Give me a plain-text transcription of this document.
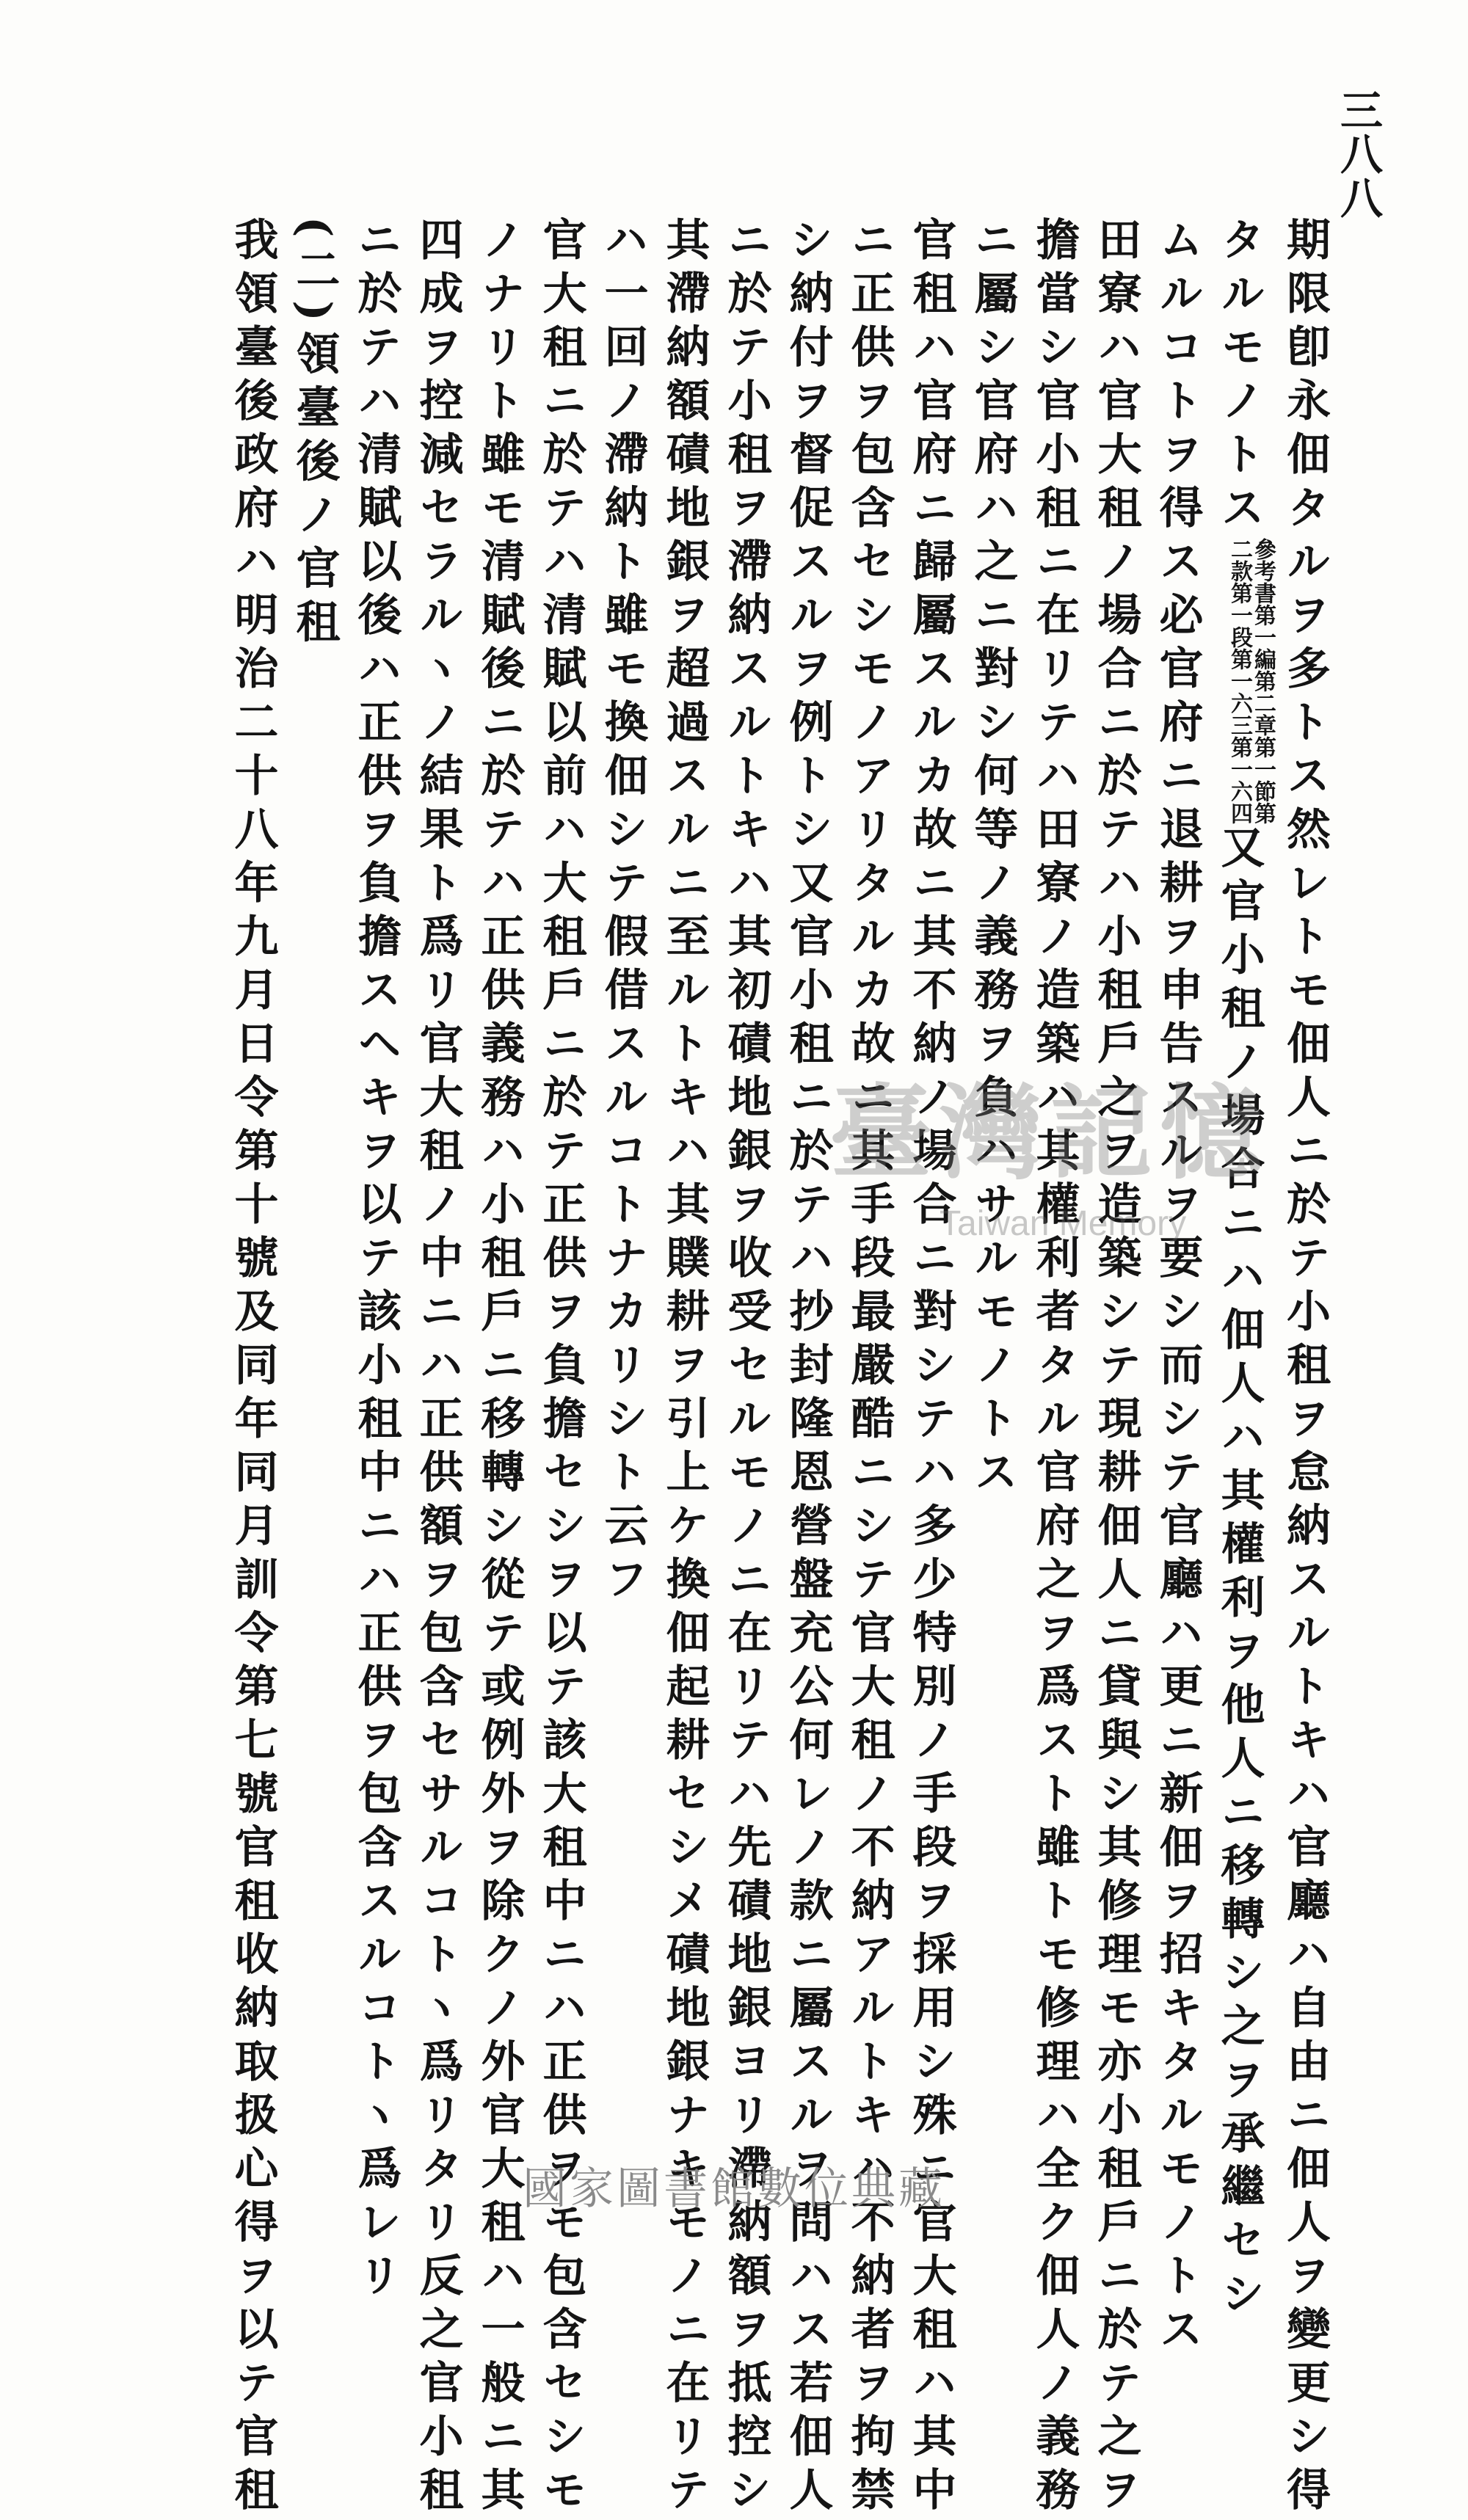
三八八
期限卽永佃タルヲ多トス然レトモ佃人ニ於テ小租ヲ怠納スルトキハ官廳ハ自由ニ佃人ヲ變更シ得
タルモノトス
參考書第一編第二章第一節第
二款第一段第一六三第一六四
又官小租ノ場合ニハ佃人ハ其權利ヲ他人ニ移轉シ之ヲ承繼セシ
ムルコトヲ得ス必官府ニ退耕ヲ申告スルヲ要シ而シテ官廳ハ更ニ新佃ヲ招キタルモノトス
田寮ハ官大租ノ場合ニ於テハ小租戶之ヲ造築シテ現耕佃人ニ貸與シ其修理モ亦小租戶ニ於テ之ヲ
擔當シ官小租ニ在リテハ田寮ノ造築ハ其權利者タル官府之ヲ爲スト雖トモ修理ハ全ク佃人ノ義務
ニ屬シ官府ハ之ニ對シ何等ノ義務ヲ負ハサルモノトス
官租ハ官府ニ歸屬スルカ故ニ其不納ノ場合ニ對シテハ多少特別ノ手段ヲ採用シ殊ニ官大租ハ其中
ニ正供ヲ包含セシモノアリタルカ故ニ其手段最嚴酷ニシテ官大租ノ不納アルトキハ不納者ヲ拘禁
シ納付ヲ督促スルヲ例トシ又官小租ニ於テハ抄封隆恩營盤充公何レノ款ニ屬スルヲ問ハス若佃人
ニ於テ小租ヲ滯納スルトキハ其初磧地銀ヲ收受セルモノニ在リテハ先磧地銀ヨリ滯納額ヲ抵控シ
其滯納額磧地銀ヲ超過スルニ至ルトキハ其贌耕ヲ引上ケ換佃起耕セシメ磧地銀ナキモノニ在リテ
ハ一回ノ滯納ト雖モ換佃シテ假借スルコトナカリシト云フ
官大租ニ於テハ清賦以前ハ大租戶ニ於テ正供ヲ負擔セシヲ以テ該大租中ニハ正供ヲモ包含セシモ
ノナリト雖モ清賦後ニ於テハ正供義務ハ小租戶ニ移轉シ從テ或例外ヲ除クノ外官大租ハ一般ニ其
四成ヲ控減セラルヽノ結果ト爲リ官大租ノ中ニハ正供額ヲ包含セサルコトヽ爲リタリ反之官小租
ニ於テハ清賦以後ハ正供ヲ負擔スヘキヲ以テ該小租中ニハ正供ヲ包含スルコトヽ爲レリ
(二)領臺後ノ官租
我領臺後政府ハ明治二十八年九月日令第十號及同年同月訓令第七號官租收納取扱心得ヲ以テ官租	臺灣記憶
Taiwan Memory
國家圖書館數位典藏
